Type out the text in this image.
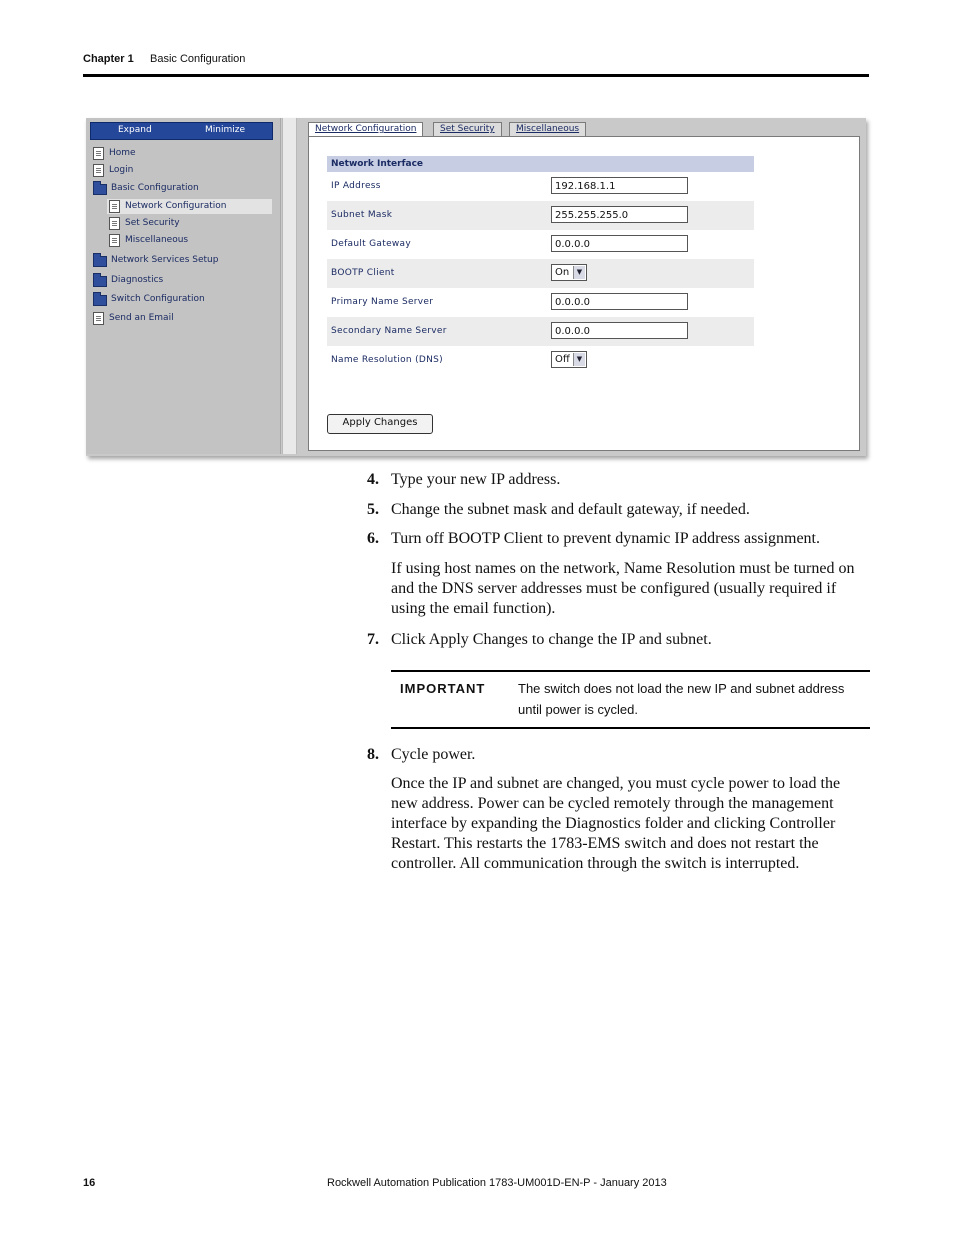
Chapter 1 Basic Configuration
Expand	Minimize
Home
Login
Basic Configuration
Network Configuration
Set Security
Miscellaneous
Network Services Setup
Diagnostics
Switch Configuration
Send an Email
Network Configuration	Set Security	Miscellaneous
Network Interface
IP Address	192.168.1.1
Subnet Mask	255.255.255.0
Default Gateway	0.0.0.0
BOOTP Client	On	▼
Primary Name Server	0.0.0.0
Secondary Name Server	0.0.0.0
Name Resolution (DNS)	Off	▼
Apply Changes
4. Type your new IP address.
5. Change the subnet mask and default gateway, if needed.
6. Turn off BOOTP Client to prevent dynamic IP address assignment.
If using host names on the network, Name Resolution must be turned on and the DNS server addresses must be configured (usually required if using the email function).
7. Click Apply Changes to change the IP and subnet.
IMPORTANT	The switch does not load the new IP and subnet address until power is cycled.
8. Cycle power.
Once the IP and subnet are changed, you must cycle power to load the new address. Power can be cycled remotely through the management interface by expanding the Diagnostics folder and clicking Controller Restart. This restarts the 1783-EMS switch and does not restart the controller. All communication through the switch is interrupted.
16	Rockwell Automation Publication 1783-UM001D-EN-P - January 2013
